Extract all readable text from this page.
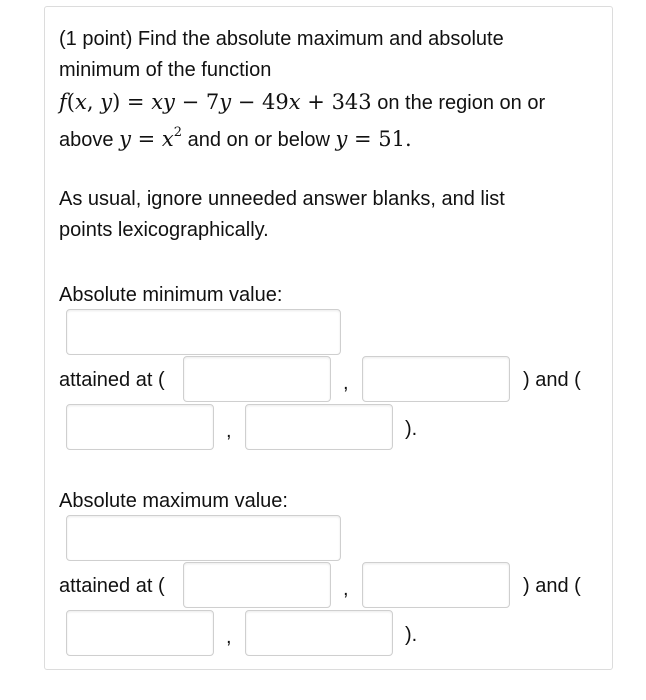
(1 point) Find the absolute maximum and absolute
minimum of the function
f(x, y) = xy − 7y − 49x + 343 on the region on or
above $y = x^2$ and on or below y = 51.
As usual, ignore unneeded answer blanks, and list
points lexicographically.
Absolute minimum value:
attained at (	,	) and (
,	).
Absolute maximum value:
attained at (	,	) and (
,	).
